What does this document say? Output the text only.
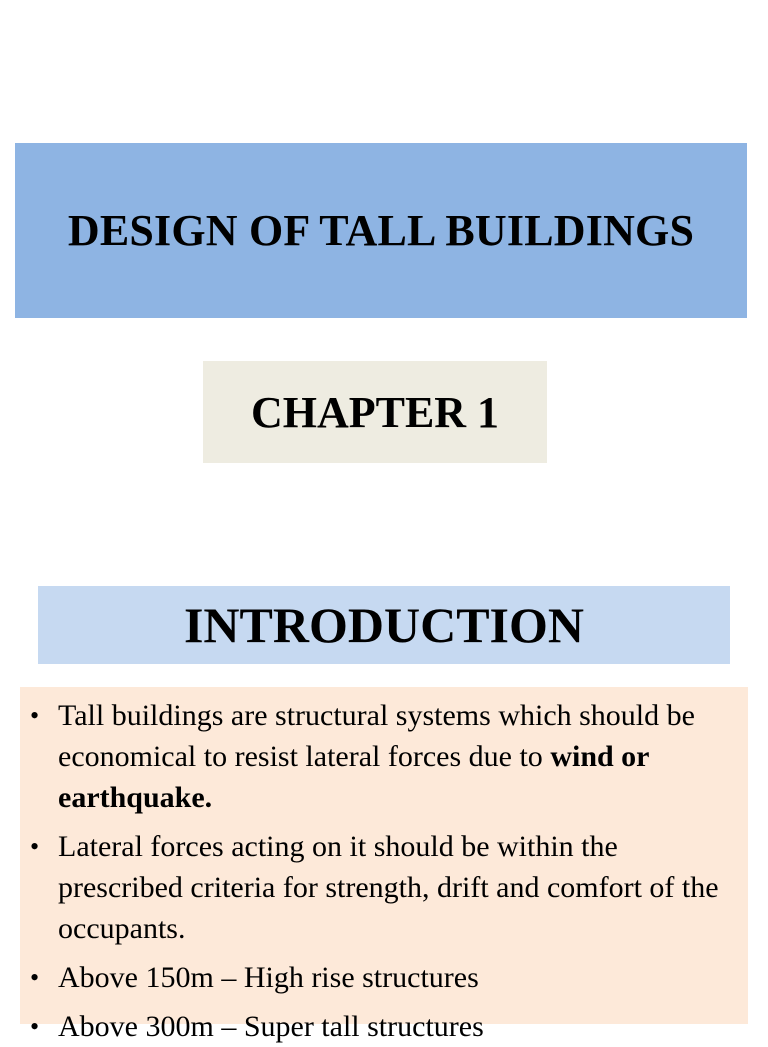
DESIGN OF TALL BUILDINGS
CHAPTER 1
INTRODUCTION
• Tall buildings are structural systems which should be economical to resist lateral forces due to wind or earthquake.
• Lateral forces acting on it should be within the prescribed criteria for strength, drift and comfort of the occupants.
• Above 150m – High rise structures
• Above 300m – Super tall structures
